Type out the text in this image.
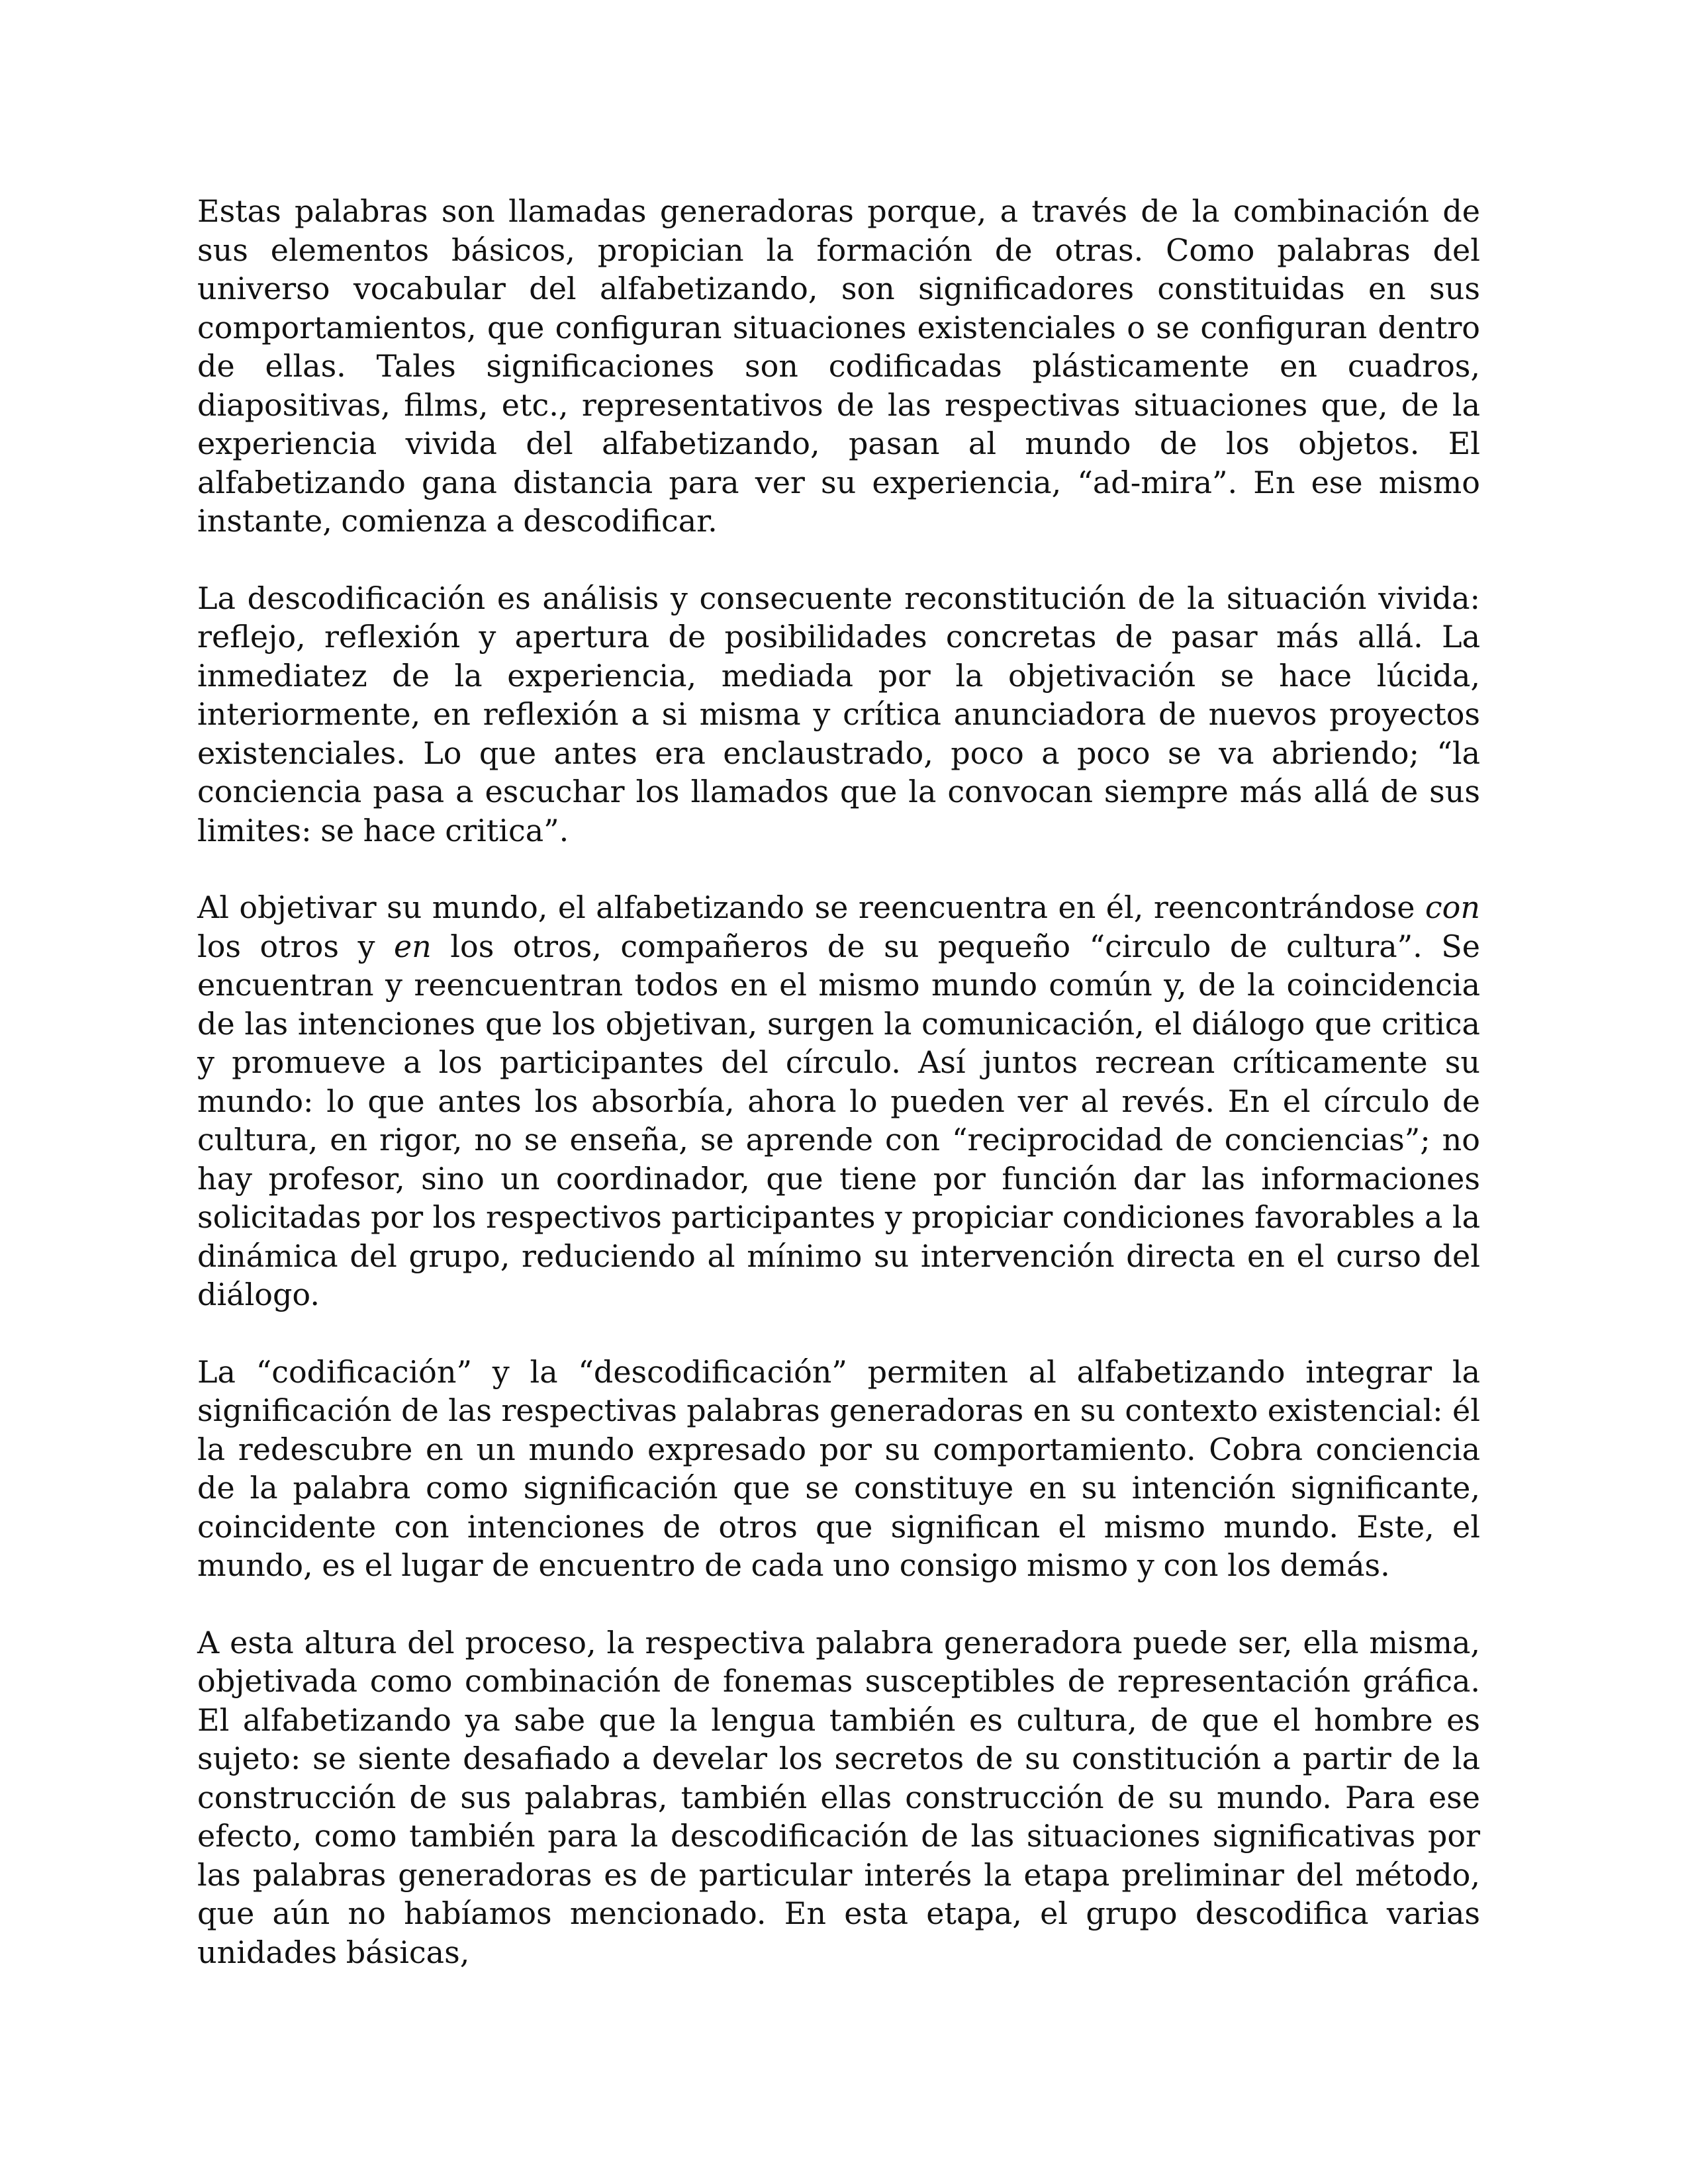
Estas palabras son llamadas generadoras porque, a través de la combinación de sus elementos básicos, propician la formación de otras. Como palabras del universo vocabular del alfabetizando, son significadores constituidas en sus comportamientos, que configuran situaciones existenciales o se configuran dentro de ellas. Tales significaciones son codificadas plásticamente en cuadros, diapositivas, films, etc., representativos de las respectivas situaciones que, de la experiencia vivida del alfabetizando, pasan al mundo de los objetos. El alfabetizando gana distancia para ver su experiencia, “ad-mira”. En ese mismo instante, comienza a descodificar.

La descodificación es análisis y consecuente reconstitución de la situación vivida: reflejo, reflexión y apertura de posibilidades concretas de pasar más allá. La inmediatez de la experiencia, mediada por la objetivación se hace lúcida, interiormente, en reflexión a si misma y crítica anunciadora de nuevos proyectos existenciales. Lo que antes era enclaustrado, poco a poco se va abriendo; “la conciencia pasa a escuchar los llamados que la convocan siempre más allá de sus limites: se hace critica”.

Al objetivar su mundo, el alfabetizando se reencuentra en él, reencontrándose con los otros y en los otros, compañeros de su pequeño “circulo de cultura”. Se encuentran y reencuentran todos en el mismo mundo común y, de la coincidencia de las intenciones que los objetivan, surgen la comunicación, el diálogo que critica y promueve a los participantes del círculo. Así juntos recrean críticamente su mundo: lo que antes los absorbía, ahora lo pueden ver al revés. En el círculo de cultura, en rigor, no se enseña, se aprende con “reciprocidad de conciencias”; no hay profesor, sino un coordinador, que tiene por función dar las informaciones solicitadas por los respectivos participantes y propiciar condiciones favorables a la dinámica del grupo, reduciendo al mínimo su intervención directa en el curso del diálogo.

La “codificación” y la “descodificación” permiten al alfabetizando integrar la significación de las respectivas palabras generadoras en su contexto existencial: él la redescubre en un mundo expresado por su comportamiento. Cobra conciencia de la palabra como significación que se constituye en su intención significante, coincidente con intenciones de otros que significan el mismo mundo. Este, el mundo, es el lugar de encuentro de cada uno consigo mismo y con los demás.

A esta altura del proceso, la respectiva palabra generadora puede ser, ella misma, objetivada como combinación de fonemas susceptibles de representación gráfica. El alfabetizando ya sabe que la lengua también es cultura, de que el hombre es sujeto: se siente desafiado a develar los secretos de su constitución a partir de la construcción de sus palabras, también ellas construcción de su mundo. Para ese efecto, como también para la descodificación de las situaciones significativas por las palabras generadoras es de particular interés la etapa preliminar del método, que aún no habíamos mencionado. En esta etapa, el grupo descodifica varias unidades básicas,
